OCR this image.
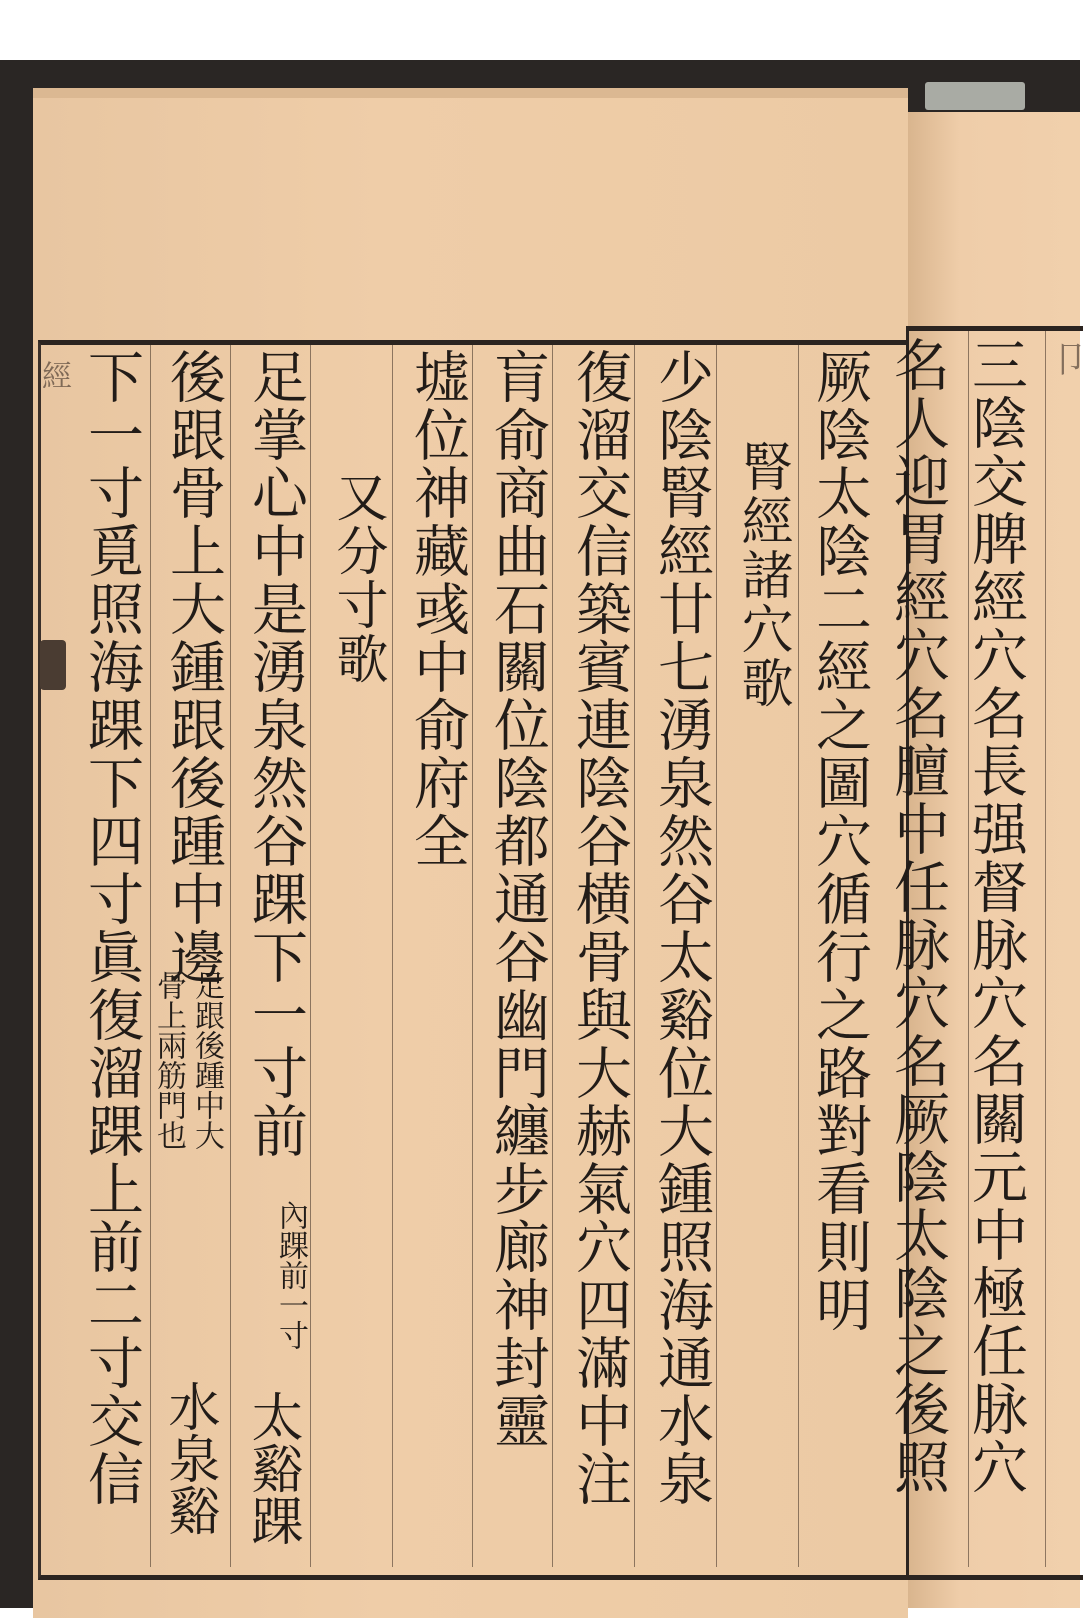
三陰交脾經穴名長强督脉穴名關元中極任脉穴
名人迎胃經穴名膻中任脉穴名厥陰太陰之後照	卩
厥陰太陰二經之圖穴循行之路對看則明
腎經諸穴歌
少陰腎經廿七湧泉然谷太谿位大鍾照海通水泉
復溜交信築賓連陰谷横骨與大赫氣穴四滿中注
肓俞商曲石關位陰都通谷幽門纏步廊神封靈
墟位神藏彧中俞府全
又分寸歌
足掌心中是湧泉然谷踝下一寸前
後跟骨上大鍾跟後踵中邊
下一寸覓照海踝下四寸眞復溜踝上前二寸交信	內踝前一寸
太谿踝
足跟後踵中大
骨上兩筋門也
水泉谿
經
